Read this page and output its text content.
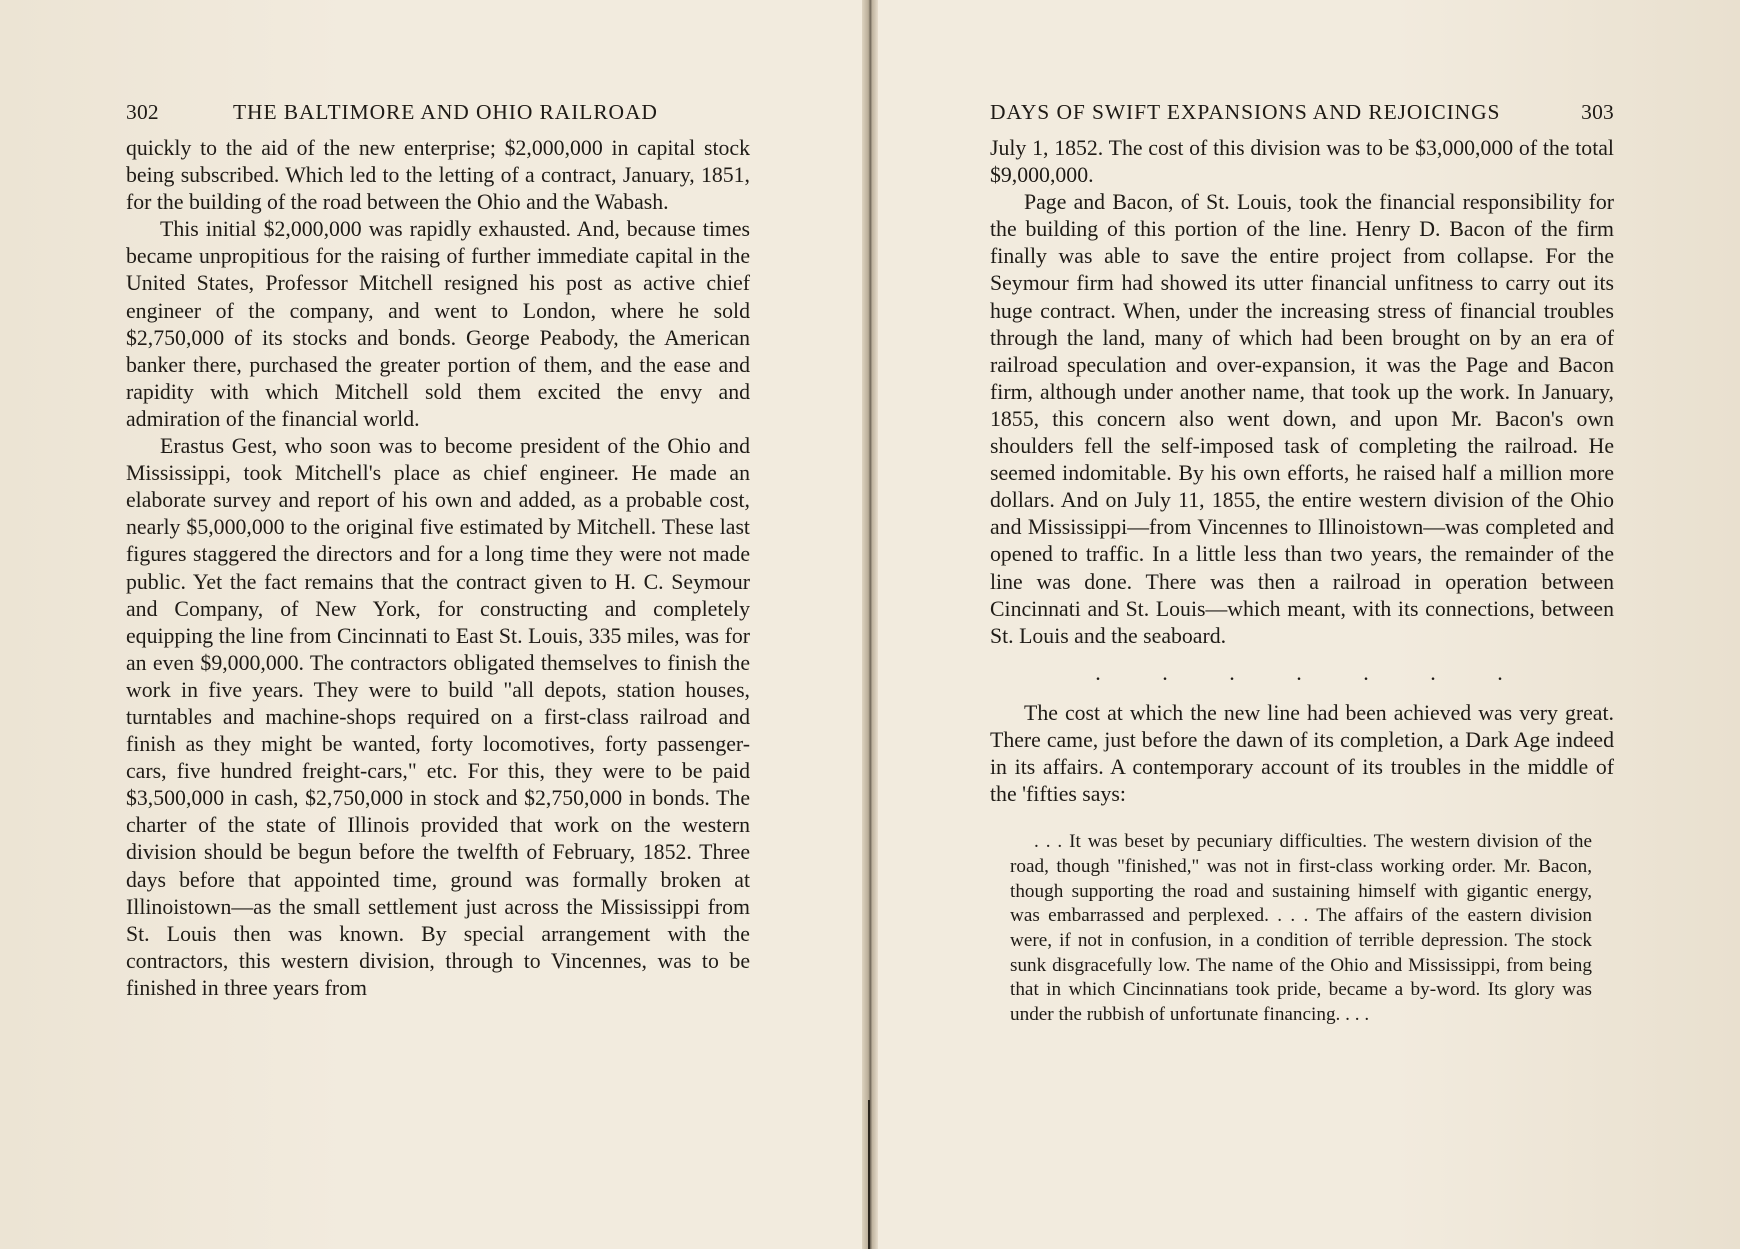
302	THE BALTIMORE AND OHIO RAILROAD

quickly to the aid of the new enterprise; $2,000,000 in capital stock being subscribed. Which led to the letting of a contract, January, 1851, for the building of the road between the Ohio and the Wabash.

This initial $2,000,000 was rapidly exhausted. And, because times became unpropitious for the raising of further immediate capital in the United States, Professor Mitchell resigned his post as active chief engineer of the company, and went to London, where he sold $2,750,000 of its stocks and bonds. George Peabody, the American banker there, purchased the greater portion of them, and the ease and rapidity with which Mitchell sold them excited the envy and admiration of the financial world.

Erastus Gest, who soon was to become president of the Ohio and Mississippi, took Mitchell's place as chief engineer. He made an elaborate survey and report of his own and added, as a probable cost, nearly $5,000,000 to the original five estimated by Mitchell. These last figures staggered the directors and for a long time they were not made public. Yet the fact remains that the contract given to H. C. Seymour and Company, of New York, for constructing and completely equipping the line from Cincinnati to East St. Louis, 335 miles, was for an even $9,000,000. The contractors obligated themselves to finish the work in five years. They were to build "all depots, station houses, turntables and machine-shops required on a first-class railroad and finish as they might be wanted, forty locomotives, forty passenger-cars, five hundred freight-cars," etc. For this, they were to be paid $3,500,000 in cash, $2,750,000 in stock and $2,750,000 in bonds. The charter of the state of Illinois provided that work on the western division should be begun before the twelfth of February, 1852. Three days before that appointed time, ground was formally broken at Illinoistown—as the small settlement just across the Mississippi from St. Louis then was known. By special arrangement with the contractors, this western division, through to Vincennes, was to be finished in three years from

DAYS OF SWIFT EXPANSIONS AND REJOICINGS	303

July 1, 1852. The cost of this division was to be $3,000,000 of the total $9,000,000.

Page and Bacon, of St. Louis, took the financial responsibility for the building of this portion of the line. Henry D. Bacon of the firm finally was able to save the entire project from collapse. For the Seymour firm had showed its utter financial unfitness to carry out its huge contract. When, under the increasing stress of financial troubles through the land, many of which had been brought on by an era of railroad speculation and over-expansion, it was the Page and Bacon firm, although under another name, that took up the work. In January, 1855, this concern also went down, and upon Mr. Bacon's own shoulders fell the self-imposed task of completing the railroad. He seemed indomitable. By his own efforts, he raised half a million more dollars. And on July 11, 1855, the entire western division of the Ohio and Mississippi—from Vincennes to Illinoistown—was completed and opened to traffic. In a little less than two years, the remainder of the line was done. There was then a railroad in operation between Cincinnati and St. Louis—which meant, with its connections, between St. Louis and the seaboard.

.	.	.	.	.	.	.

The cost at which the new line had been achieved was very great. There came, just before the dawn of its completion, a Dark Age indeed in its affairs. A contemporary account of its troubles in the middle of the 'fifties says:

. . . It was beset by pecuniary difficulties. The western division of the road, though "finished," was not in first-class working order. Mr. Bacon, though supporting the road and sustaining himself with gigantic energy, was embarrassed and perplexed. . . . The affairs of the eastern division were, if not in confusion, in a condition of terrible depression. The stock sunk disgracefully low. The name of the Ohio and Mississippi, from being that in which Cincinnatians took pride, became a by-word. Its glory was under the rubbish of unfortunate financing. . . .
